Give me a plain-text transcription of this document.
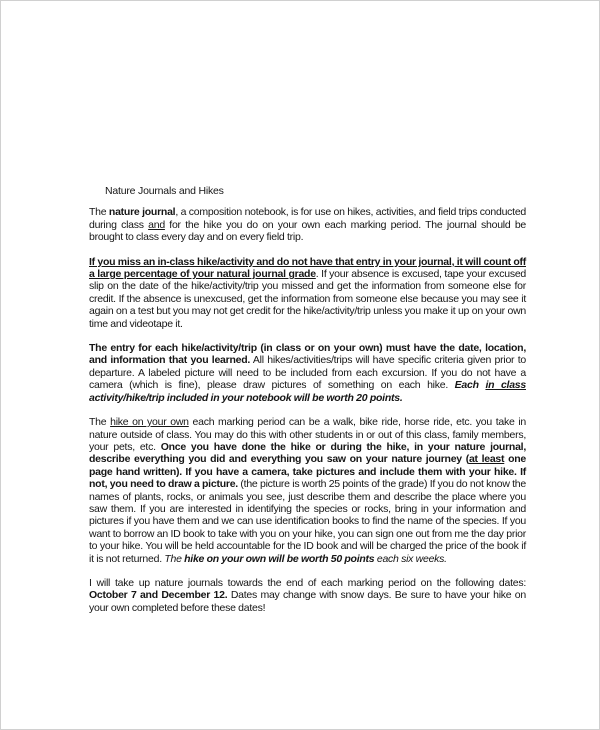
Nature Journals and Hikes
The nature journal, a composition notebook, is for use on hikes, activities, and field trips conducted during class and for the hike you do on your own each marking period. The journal should be brought to class every day and on every field trip.
If you miss an in-class hike/activity and do not have that entry in your journal, it will count off a large percentage of your natural journal grade. If your absence is excused, tape your excused slip on the date of the hike/activity/trip you missed and get the information from someone else for credit. If the absence is unexcused, get the information from someone else because you may see it again on a test but you may not get credit for the hike/activity/trip unless you make it up on your own time and videotape it.
The entry for each hike/activity/trip (in class or on your own) must have the date, location, and information that you learned. All hikes/activities/trips will have specific criteria given prior to departure. A labeled picture will need to be included from each excursion. If you do not have a camera (which is fine), please draw pictures of something on each hike. Each in class activity/hike/trip included in your notebook will be worth 20 points.
The hike on your own each marking period can be a walk, bike ride, horse ride, etc. you take in nature outside of class. You may do this with other students in or out of this class, family members, your pets, etc. Once you have done the hike or during the hike, in your nature journal, describe everything you did and everything you saw on your nature journey (at least one page hand written). If you have a camera, take pictures and include them with your hike. If not, you need to draw a picture. (the picture is worth 25 points of the grade) If you do not know the names of plants, rocks, or animals you see, just describe them and describe the place where you saw them. If you are interested in identifying the species or rocks, bring in your information and pictures if you have them and we can use identification books to find the name of the species. If you want to borrow an ID book to take with you on your hike, you can sign one out from me the day prior to your hike. You will be held accountable for the ID book and will be charged the price of the book if it is not returned. The hike on your own will be worth 50 points each six weeks.
I will take up nature journals towards the end of each marking period on the following dates: October 7 and December 12. Dates may change with snow days. Be sure to have your hike on your own completed before these dates!
